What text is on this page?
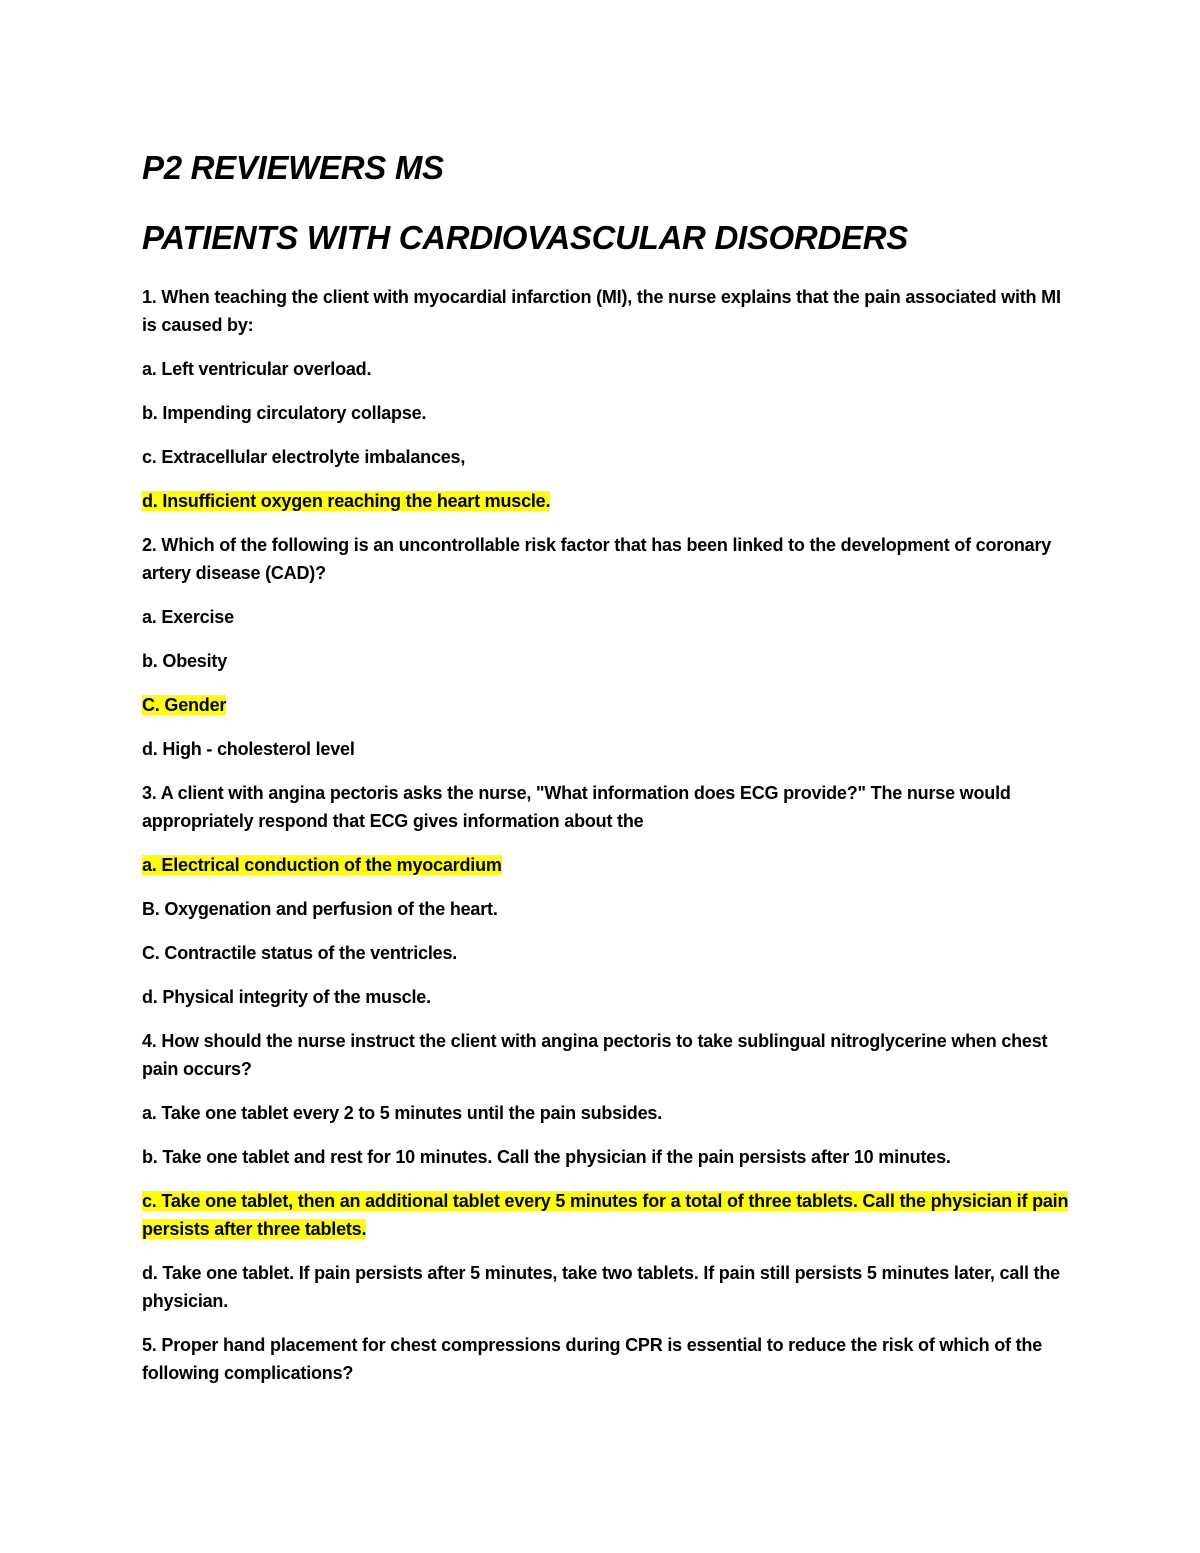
P2 REVIEWERS MS
PATIENTS WITH CARDIOVASCULAR DISORDERS

1. When teaching the client with myocardial infarction (MI), the nurse explains that the pain associated with MI is caused by:

a. Left ventricular overload.

b. Impending circulatory collapse.

c. Extracellular electrolyte imbalances,

d. Insufficient oxygen reaching the heart muscle.

2. Which of the following is an uncontrollable risk factor that has been linked to the development of coronary artery disease (CAD)?

a. Exercise

b. Obesity

C. Gender

d. High - cholesterol level

3. A client with angina pectoris asks the nurse, "What information does ECG provide?" The nurse would appropriately respond that ECG gives information about the

a. Electrical conduction of the myocardium

B. Oxygenation and perfusion of the heart.

C. Contractile status of the ventricles.

d. Physical integrity of the muscle.

4. How should the nurse instruct the client with angina pectoris to take sublingual nitroglycerine when chest pain occurs?

a. Take one tablet every 2 to 5 minutes until the pain subsides.

b. Take one tablet and rest for 10 minutes. Call the physician if the pain persists after 10 minutes.

c. Take one tablet, then an additional tablet every 5 minutes for a total of three tablets. Call the physician if pain persists after three tablets.

d. Take one tablet. If pain persists after 5 minutes, take two tablets. If pain still persists 5 minutes later, call the physician.

5. Proper hand placement for chest compressions during CPR is essential to reduce the risk of which of the following complications?
